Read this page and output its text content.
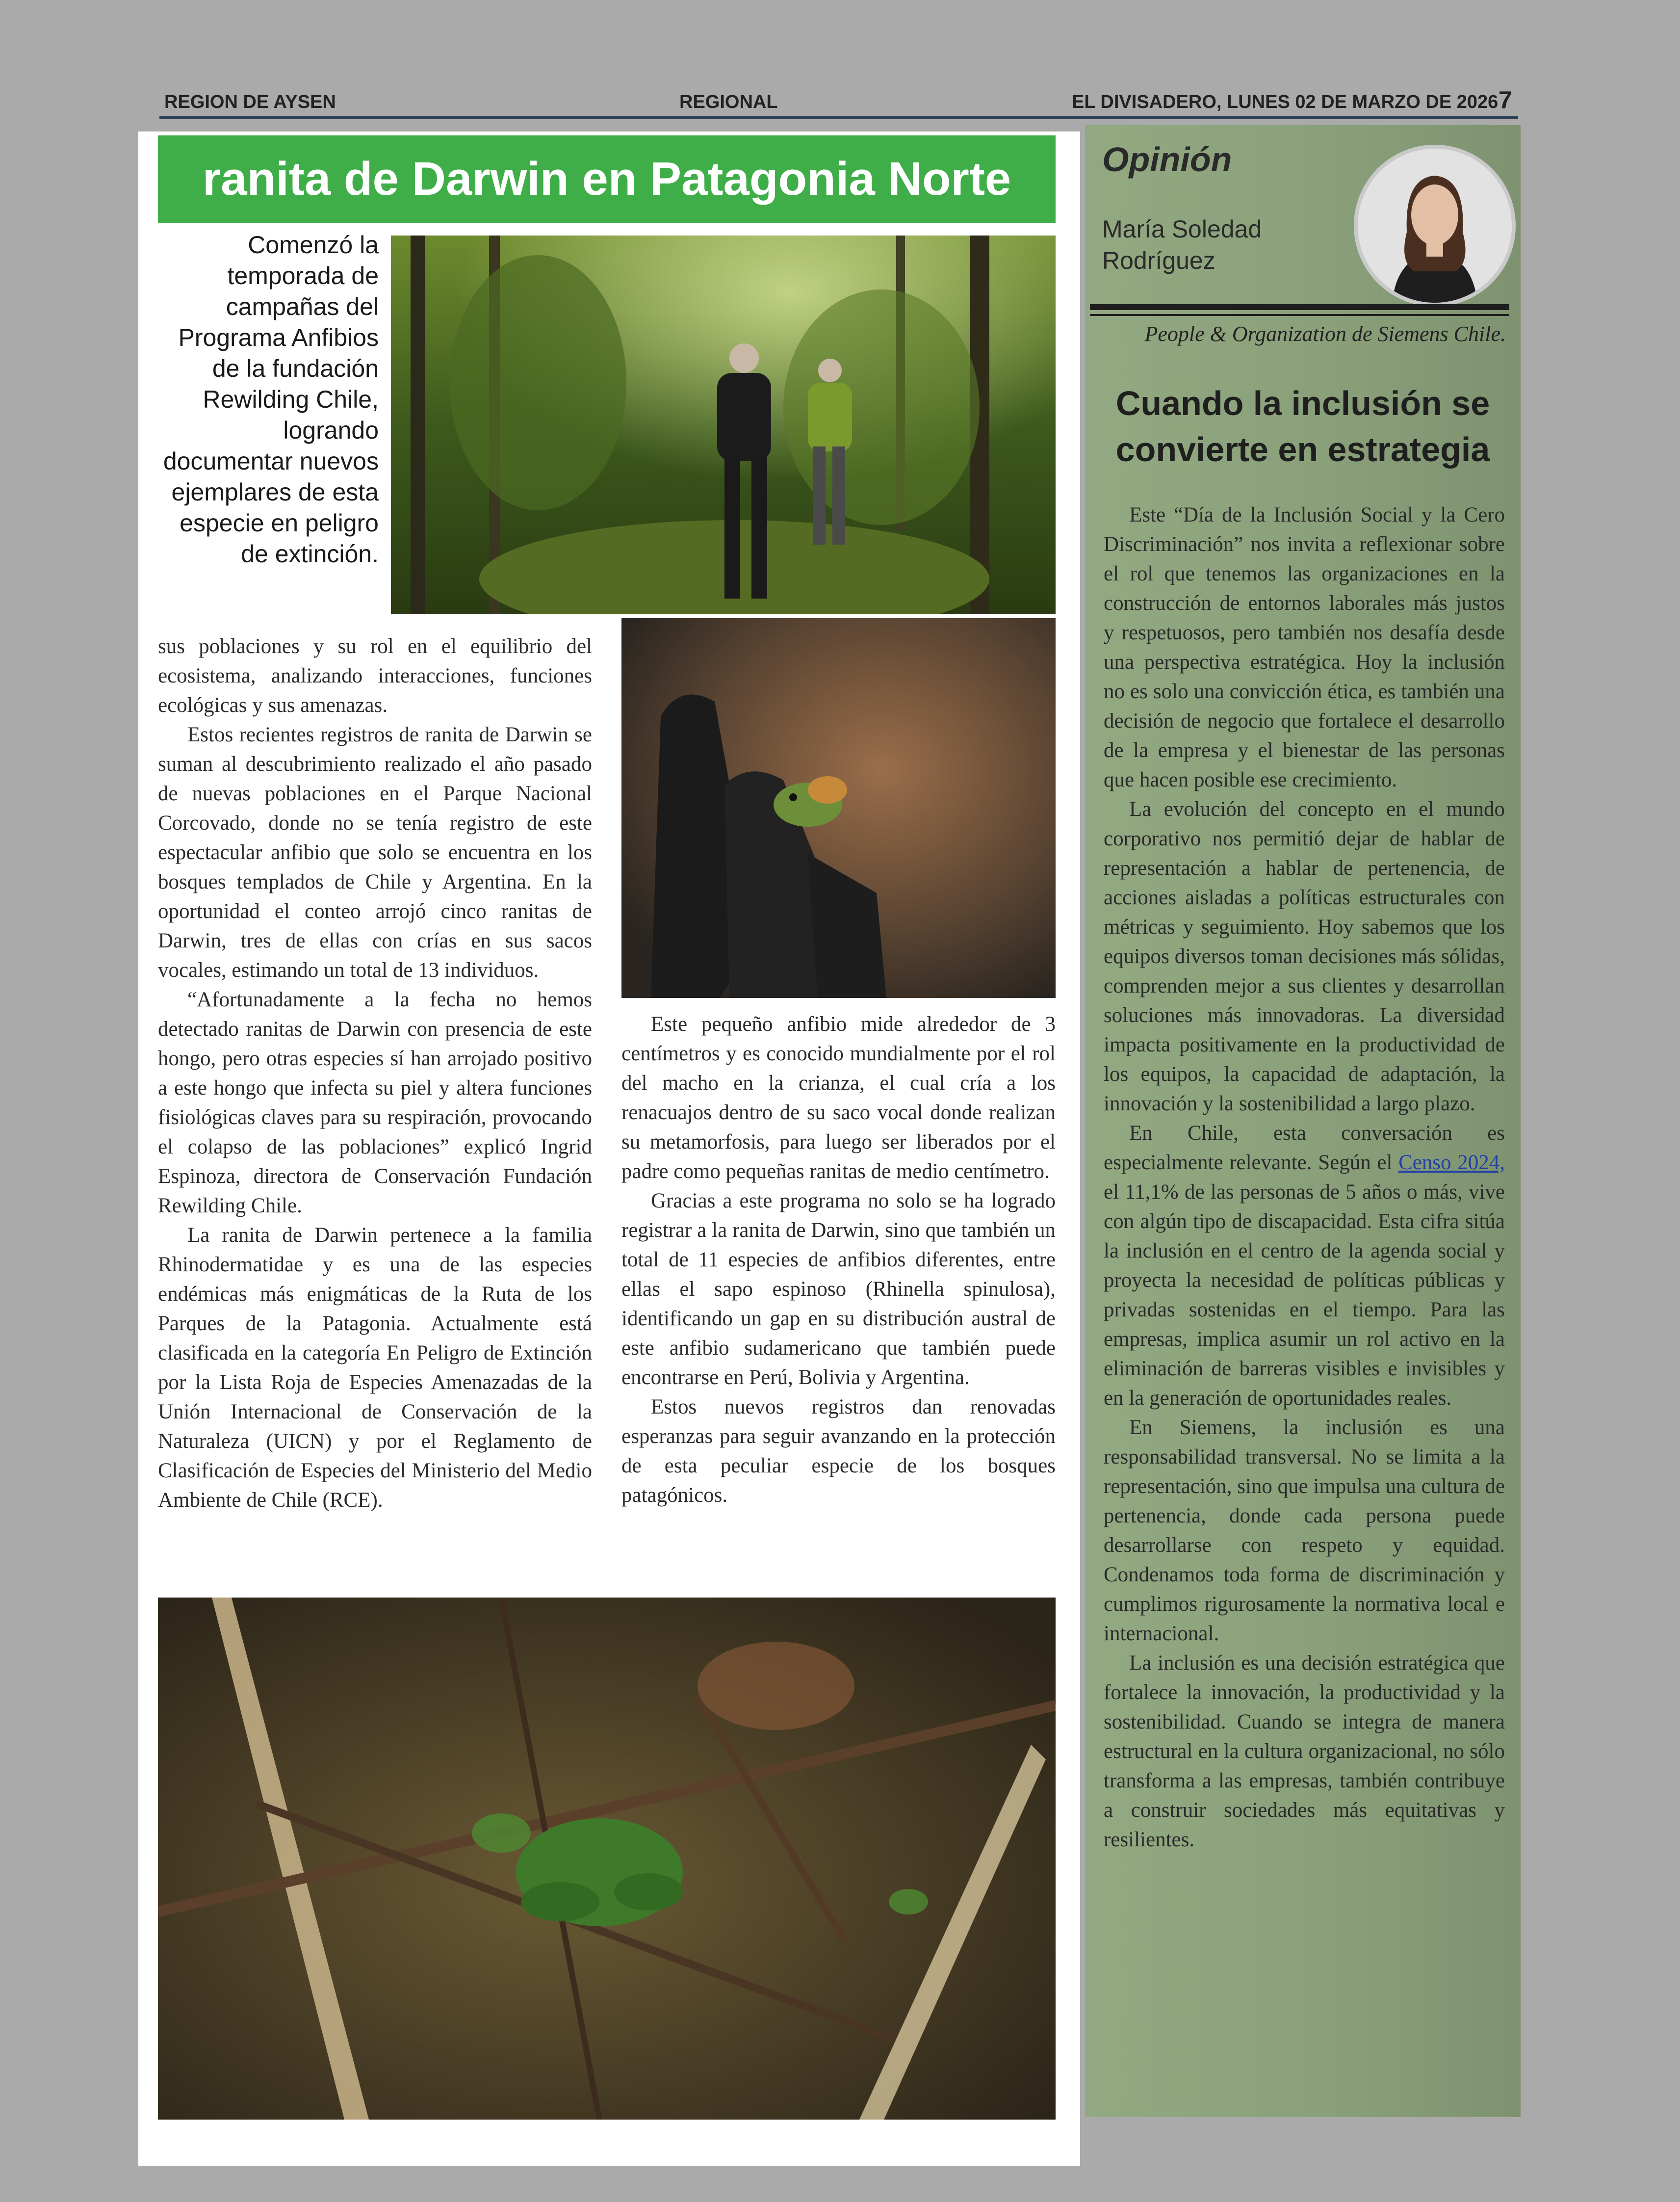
REGION DE AYSEN	REGIONAL	EL DIVISADERO, LUNES 02 DE MARZO DE 2026 7
ranita de Darwin en Patagonia Norte
Comenzó la temporada de campañas del Programa Anfibios de la fundación Rewilding Chile, logrando documentar nuevos ejemplares de esta especie en peligro de extinción.

sus poblaciones y su rol en el equilibrio del ecosistema, analizando interacciones, funciones ecológicas y sus amenazas.

Estos recientes registros de ranita de Darwin se suman al descubrimiento realizado el año pasado de nuevas poblaciones en el Parque Nacional Corcovado, donde no se tenía registro de este espectacular anfibio que solo se encuentra en los bosques templados de Chile y Argentina. En la oportunidad el conteo arrojó cinco ranitas de Darwin, tres de ellas con crías en sus sacos vocales, estimando un total de 13 individuos.

“Afortunadamente a la fecha no hemos detectado ranitas de Darwin con presencia de este hongo, pero otras especies sí han arrojado positivo a este hongo que infecta su piel y altera funciones fisiológicas claves para su respiración, provocando el colapso de las poblaciones” explicó Ingrid Espinoza, directora de Conservación Fundación Rewilding Chile.

La ranita de Darwin pertenece a la familia Rhinodermatidae y es una de las especies endémicas más enigmáticas de la Ruta de los Parques de la Patagonia. Actualmente está clasificada en la categoría En Peligro de Extinción por la Lista Roja de Especies Amenazadas de la Unión Internacional de Conservación de la Naturaleza (UICN) y por el Reglamento de Clasificación de Especies del Ministerio del Medio Ambiente de Chile (RCE).

Este pequeño anfibio mide alrededor de 3 centímetros y es conocido mundialmente por el rol del macho en la crianza, el cual cría a los renacuajos dentro de su saco vocal donde realizan su metamorfosis, para luego ser liberados por el padre como pequeñas ranitas de medio centímetro.

Gracias a este programa no solo se ha logrado registrar a la ranita de Darwin, sino que también un total de 11 especies de anfibios diferentes, entre ellas el sapo espinoso (Rhinella spinulosa), identificando un gap en su distribución austral de este anfibio sudamericano que también puede encontrarse en Perú, Bolivia y Argentina.

Estos nuevos registros dan renovadas esperanzas para seguir avanzando en la protección de esta peculiar especie de los bosques patagónicos.

Opinión
María Soledad Rodríguez
People & Organization de Siemens Chile.
Cuando la inclusión se convierte en estrategia

Este “Día de la Inclusión Social y la Cero Discriminación” nos invita a reflexionar sobre el rol que tenemos las organizaciones en la construcción de entornos laborales más justos y respetuosos, pero también nos desafía desde una perspectiva estratégica. Hoy la inclusión no es solo una convicción ética, es también una decisión de negocio que fortalece el desarrollo de la empresa y el bienestar de las personas que hacen posible ese crecimiento.

La evolución del concepto en el mundo corporativo nos permitió dejar de hablar de representación a hablar de pertenencia, de acciones aisladas a políticas estructurales con métricas y seguimiento. Hoy sabemos que los equipos diversos toman decisiones más sólidas, comprenden mejor a sus clientes y desarrollan soluciones más innovadoras. La diversidad impacta positivamente en la productividad de los equipos, la capacidad de adaptación, la innovación y la sostenibilidad a largo plazo.

En Chile, esta conversación es especialmente relevante. Según el Censo 2024, el 11,1% de las personas de 5 años o más, vive con algún tipo de discapacidad. Esta cifra sitúa la inclusión en el centro de la agenda social y proyecta la necesidad de políticas públicas y privadas sostenidas en el tiempo. Para las empresas, implica asumir un rol activo en la eliminación de barreras visibles e invisibles y en la generación de oportunidades reales.

En Siemens, la inclusión es una responsabilidad transversal. No se limita a la representación, sino que impulsa una cultura de pertenencia, donde cada persona puede desarrollarse con respeto y equidad. Condenamos toda forma de discriminación y cumplimos rigurosamente la normativa local e internacional.

La inclusión es una decisión estratégica que fortalece la innovación, la productividad y la sostenibilidad. Cuando se integra de manera estructural en la cultura organizacional, no sólo transforma a las empresas, también contribuye a construir sociedades más equitativas y resilientes.
